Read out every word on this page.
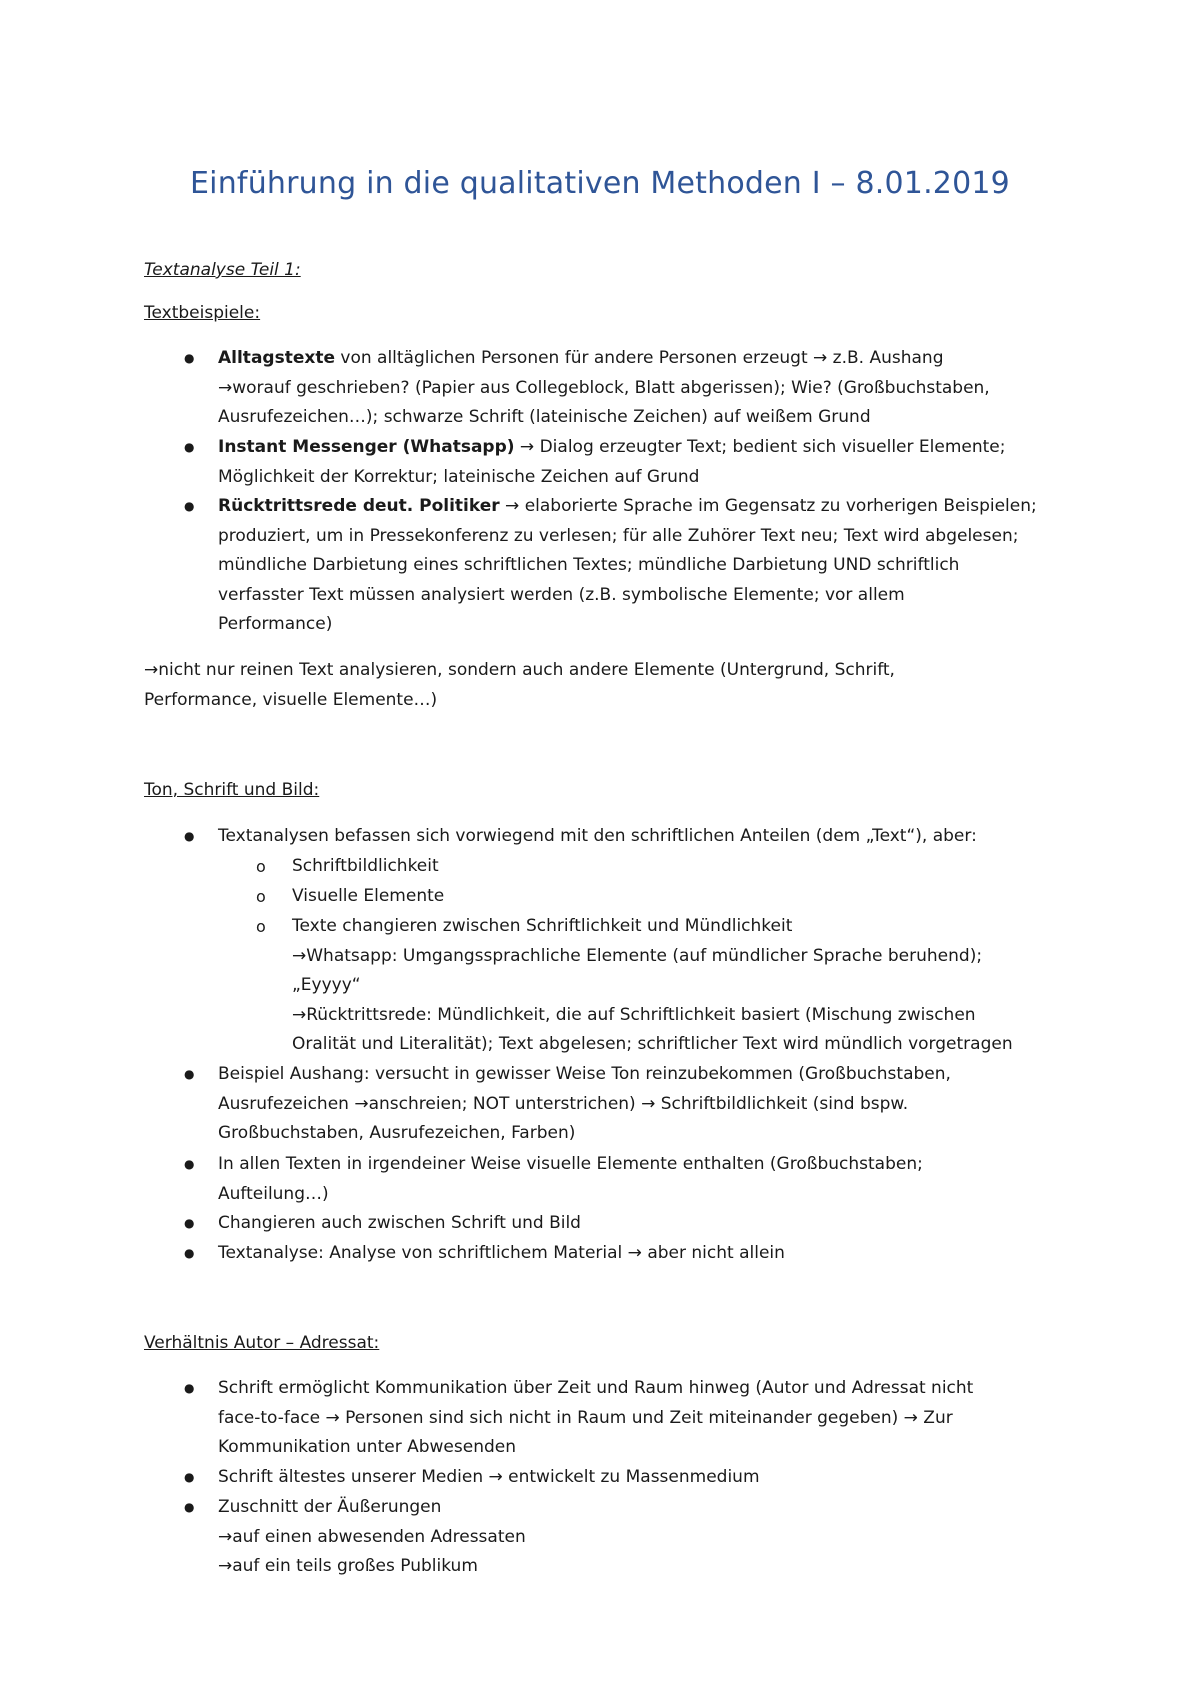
Einführung in die qualitativen Methoden I – 8.01.2019
Textanalyse Teil 1:
Textbeispiele:
●
Alltagstexte von alltäglichen Personen für andere Personen erzeugt → z.B. Aushang
→worauf geschrieben? (Papier aus Collegeblock, Blatt abgerissen); Wie? (Großbuchstaben,
Ausrufezeichen…); schwarze Schrift (lateinische Zeichen) auf weißem Grund
●
Instant Messenger (Whatsapp) → Dialog erzeugter Text; bedient sich visueller Elemente;
Möglichkeit der Korrektur; lateinische Zeichen auf Grund
●
Rücktrittsrede deut. Politiker → elaborierte Sprache im Gegensatz zu vorherigen Beispielen;
produziert, um in Pressekonferenz zu verlesen; für alle Zuhörer Text neu; Text wird abgelesen;
mündliche Darbietung eines schriftlichen Textes; mündliche Darbietung UND schriftlich
verfasster Text müssen analysiert werden (z.B. symbolische Elemente; vor allem
Performance)
→nicht nur reinen Text analysieren, sondern auch andere Elemente (Untergrund, Schrift,
Performance, visuelle Elemente…)
Ton, Schrift und Bild:
●
Textanalysen befassen sich vorwiegend mit den schriftlichen Anteilen (dem „Text“), aber:
o Schriftbildlichkeit
o Visuelle Elemente
o Texte changieren zwischen Schriftlichkeit und Mündlichkeit
→Whatsapp: Umgangssprachliche Elemente (auf mündlicher Sprache beruhend);
„Eyyyy“
→Rücktrittsrede: Mündlichkeit, die auf Schriftlichkeit basiert (Mischung zwischen
Oralität und Literalität); Text abgelesen; schriftlicher Text wird mündlich vorgetragen
●
Beispiel Aushang: versucht in gewisser Weise Ton reinzubekommen (Großbuchstaben,
Ausrufezeichen →anschreien; NOT unterstrichen) → Schriftbildlichkeit (sind bspw.
Großbuchstaben, Ausrufezeichen, Farben)
●
In allen Texten in irgendeiner Weise visuelle Elemente enthalten (Großbuchstaben;
Aufteilung…)
●
Changieren auch zwischen Schrift und Bild
●
Textanalyse: Analyse von schriftlichem Material → aber nicht allein
Verhältnis Autor – Adressat:
●
Schrift ermöglicht Kommunikation über Zeit und Raum hinweg (Autor und Adressat nicht
face-to-face → Personen sind sich nicht in Raum und Zeit miteinander gegeben) → Zur
Kommunikation unter Abwesenden
●
Schrift ältestes unserer Medien → entwickelt zu Massenmedium
●
Zuschnitt der Äußerungen
→auf einen abwesenden Adressaten
→auf ein teils großes Publikum
